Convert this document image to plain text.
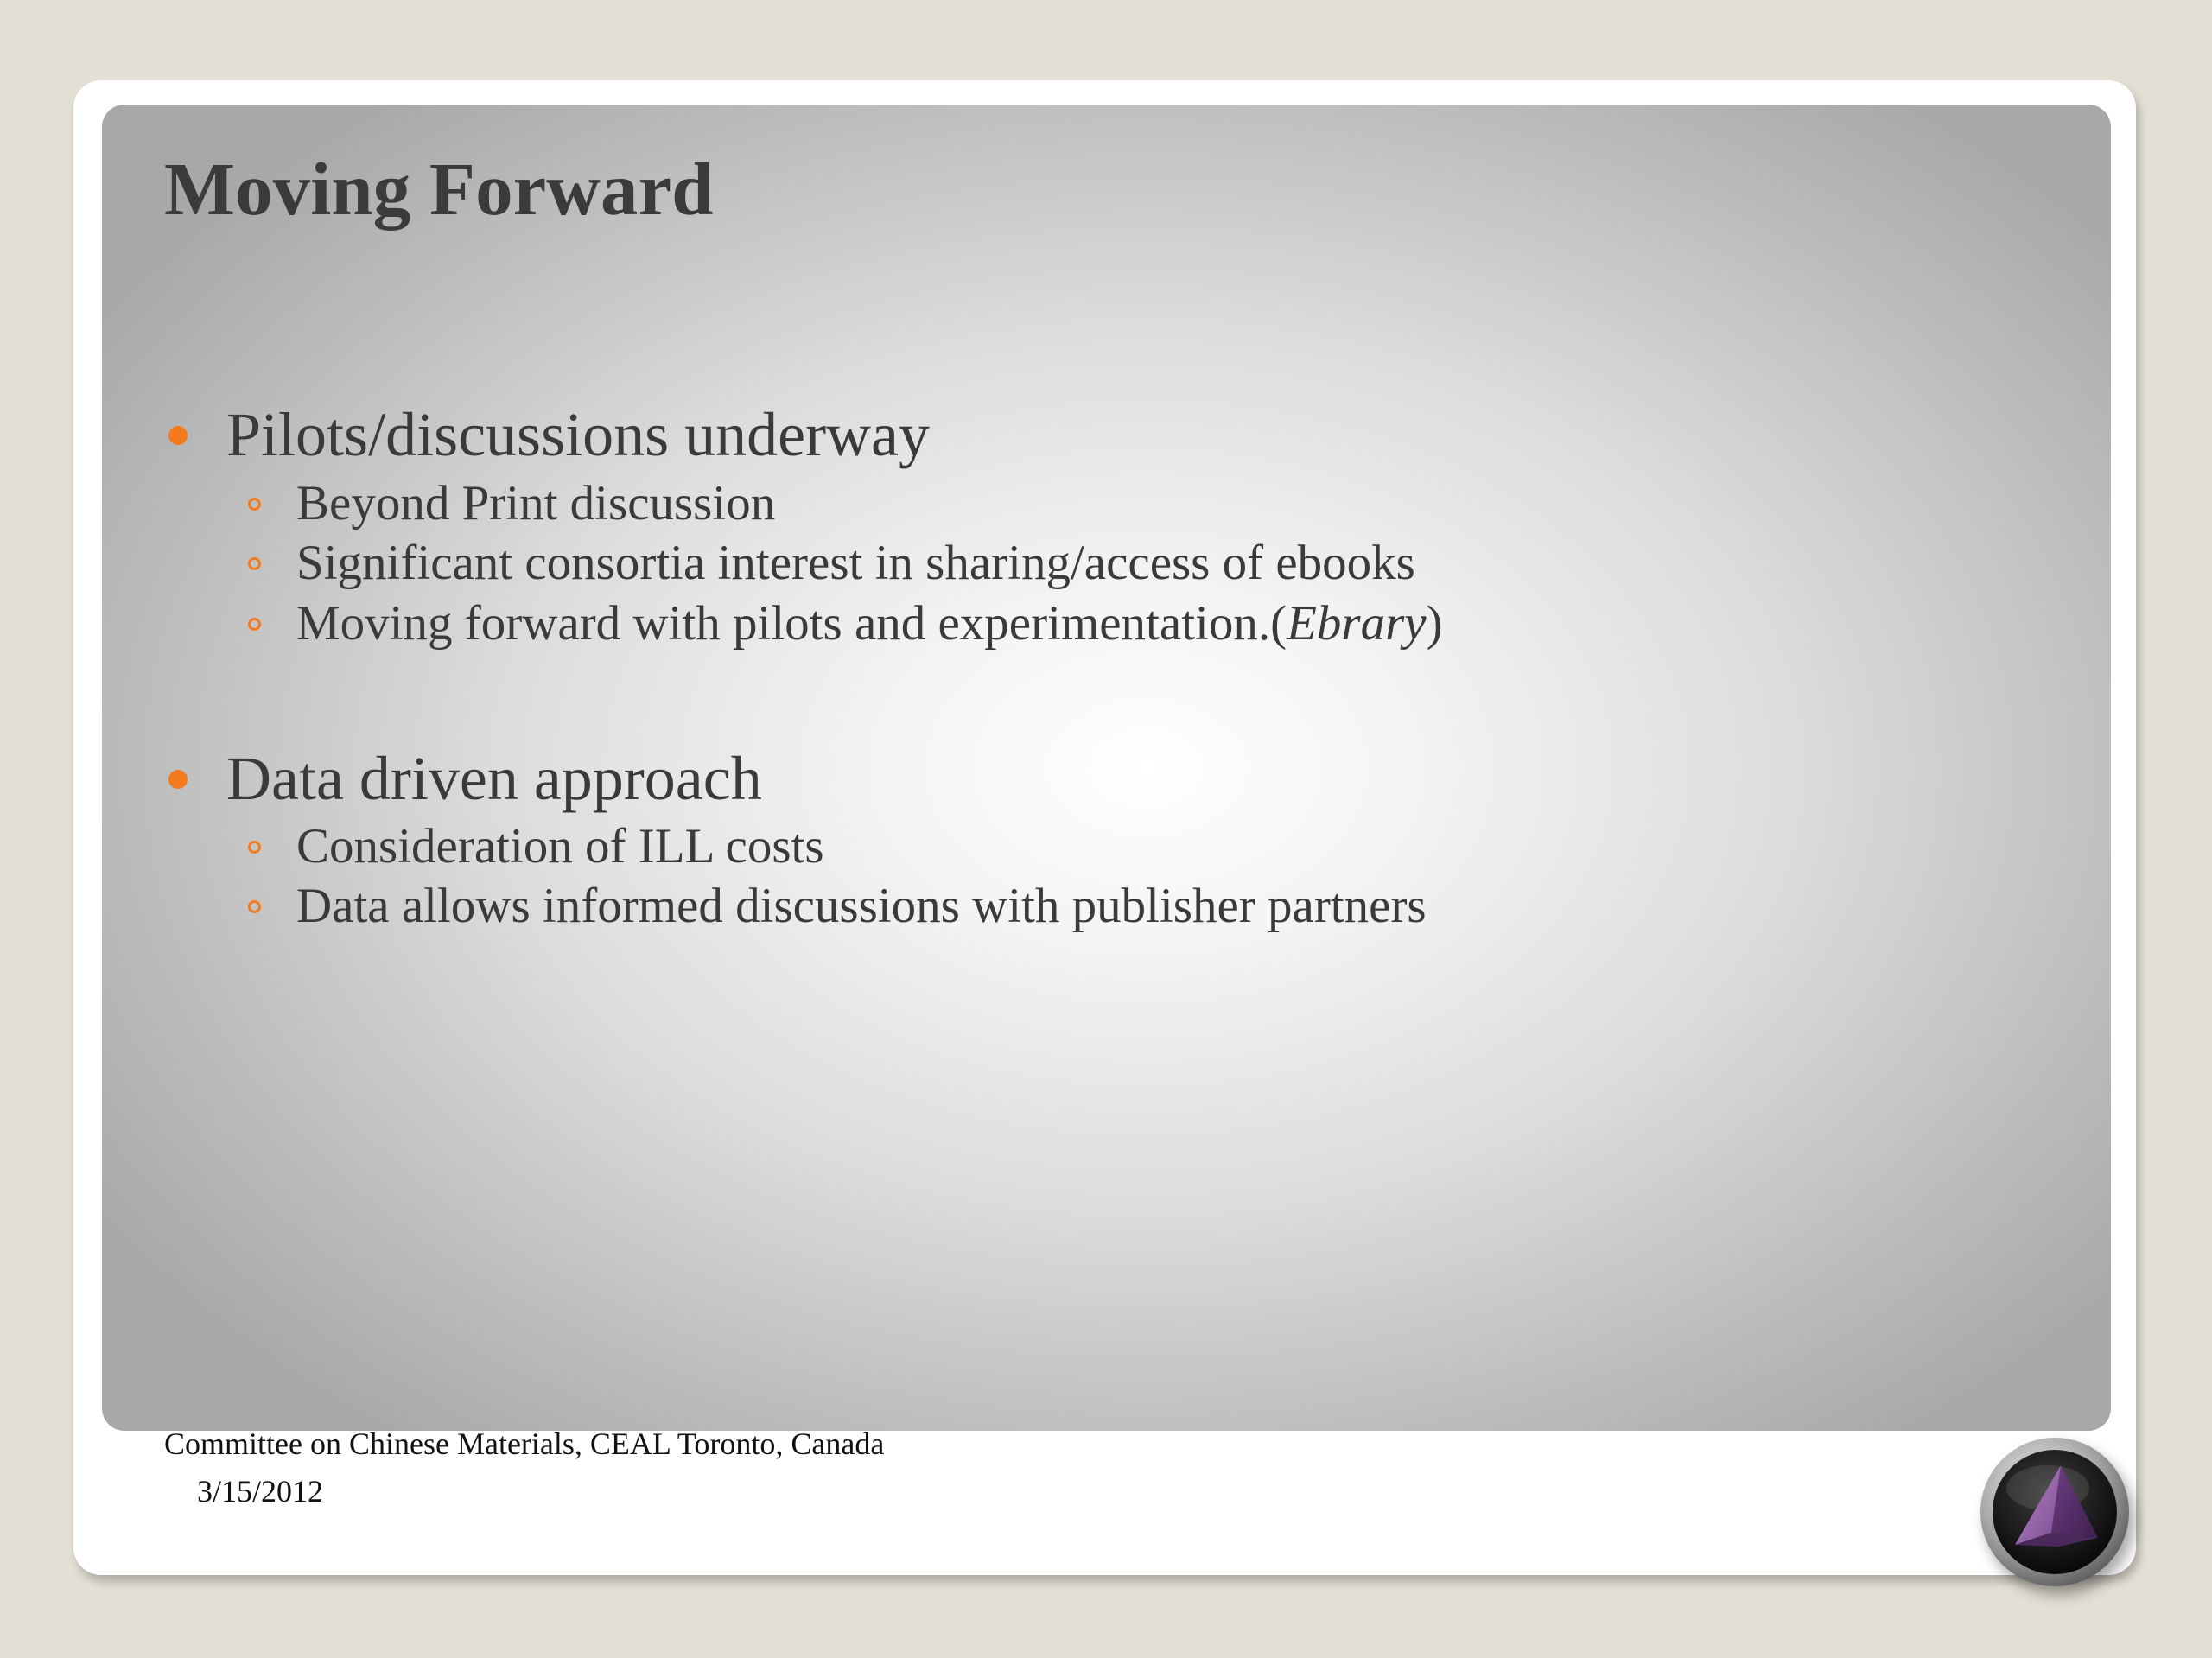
Moving Forward
Pilots/discussions underway
Beyond Print discussion
Significant consortia interest in sharing/access of ebooks
Moving forward with pilots and experimentation.(Ebrary)
Data driven approach
Consideration of ILL costs
Data allows informed discussions with publisher partners
Committee on Chinese Materials, CEAL Toronto, Canada
3/15/2012
